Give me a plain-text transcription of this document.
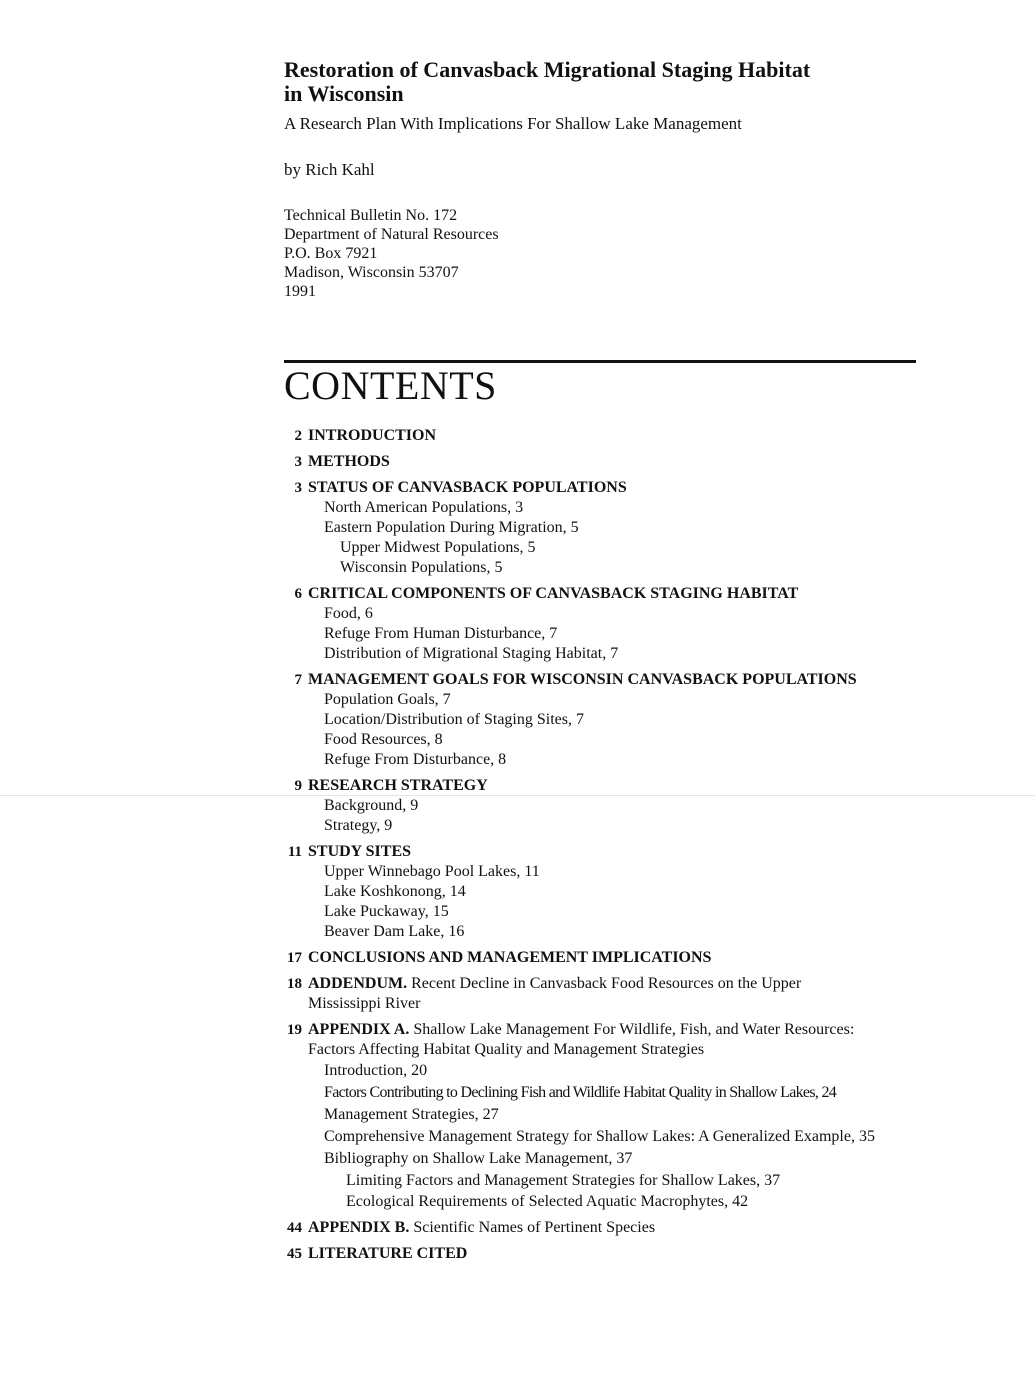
Restoration of Canvasback Migrational Staging Habitat
in Wisconsin
A Research Plan With Implications For Shallow Lake Management
by Rich Kahl
Technical Bulletin No. 172
Department of Natural Resources
P.O. Box 7921
Madison, Wisconsin 53707
1991
CONTENTS
2 INTRODUCTION
3 METHODS
3 STATUS OF CANVASBACK POPULATIONS
North American Populations, 3
Eastern Population During Migration, 5
Upper Midwest Populations, 5
Wisconsin Populations, 5
6 CRITICAL COMPONENTS OF CANVASBACK STAGING HABITAT
Food, 6
Refuge From Human Disturbance, 7
Distribution of Migrational Staging Habitat, 7
7 MANAGEMENT GOALS FOR WISCONSIN CANVASBACK POPULATIONS
Population Goals, 7
Location/Distribution of Staging Sites, 7
Food Resources, 8
Refuge From Disturbance, 8
9 RESEARCH STRATEGY
Background, 9
Strategy, 9
11 STUDY SITES
Upper Winnebago Pool Lakes, 11
Lake Koshkonong, 14
Lake Puckaway, 15
Beaver Dam Lake, 16
17 CONCLUSIONS AND MANAGEMENT IMPLICATIONS
18 ADDENDUM. Recent Decline in Canvasback Food Resources on the Upper
Mississippi River
19 APPENDIX A. Shallow Lake Management For Wildlife, Fish, and Water Resources:
Factors Affecting Habitat Quality and Management Strategies
Introduction, 20
Factors Contributing to Declining Fish and Wildlife Habitat Quality in Shallow Lakes, 24
Management Strategies, 27
Comprehensive Management Strategy for Shallow Lakes: A Generalized Example, 35
Bibliography on Shallow Lake Management, 37
Limiting Factors and Management Strategies for Shallow Lakes, 37
Ecological Requirements of Selected Aquatic Macrophytes, 42
44 APPENDIX B. Scientific Names of Pertinent Species
45 LITERATURE CITED
